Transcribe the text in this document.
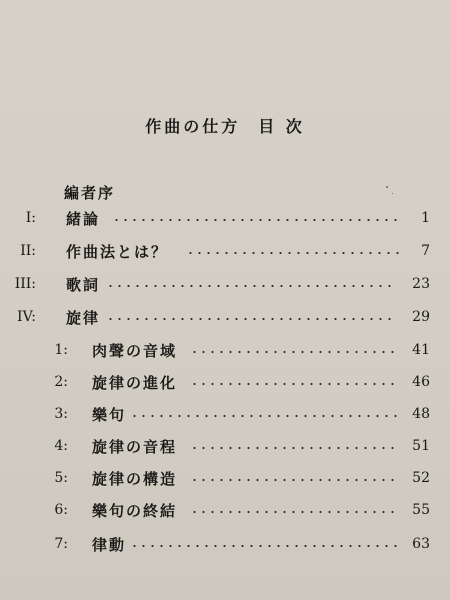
作曲の仕方 目 次
編者序
I: 緒論	1
II: 作曲法とは？	7
III: 歌詞	23
IV: 旋律	29
1: 肉聲の音域	41
2: 旋律の進化	46
3: 樂句	48
4: 旋律の音程	51
5: 旋律の構造	52
6: 樂句の終結	55
7: 律動	63
